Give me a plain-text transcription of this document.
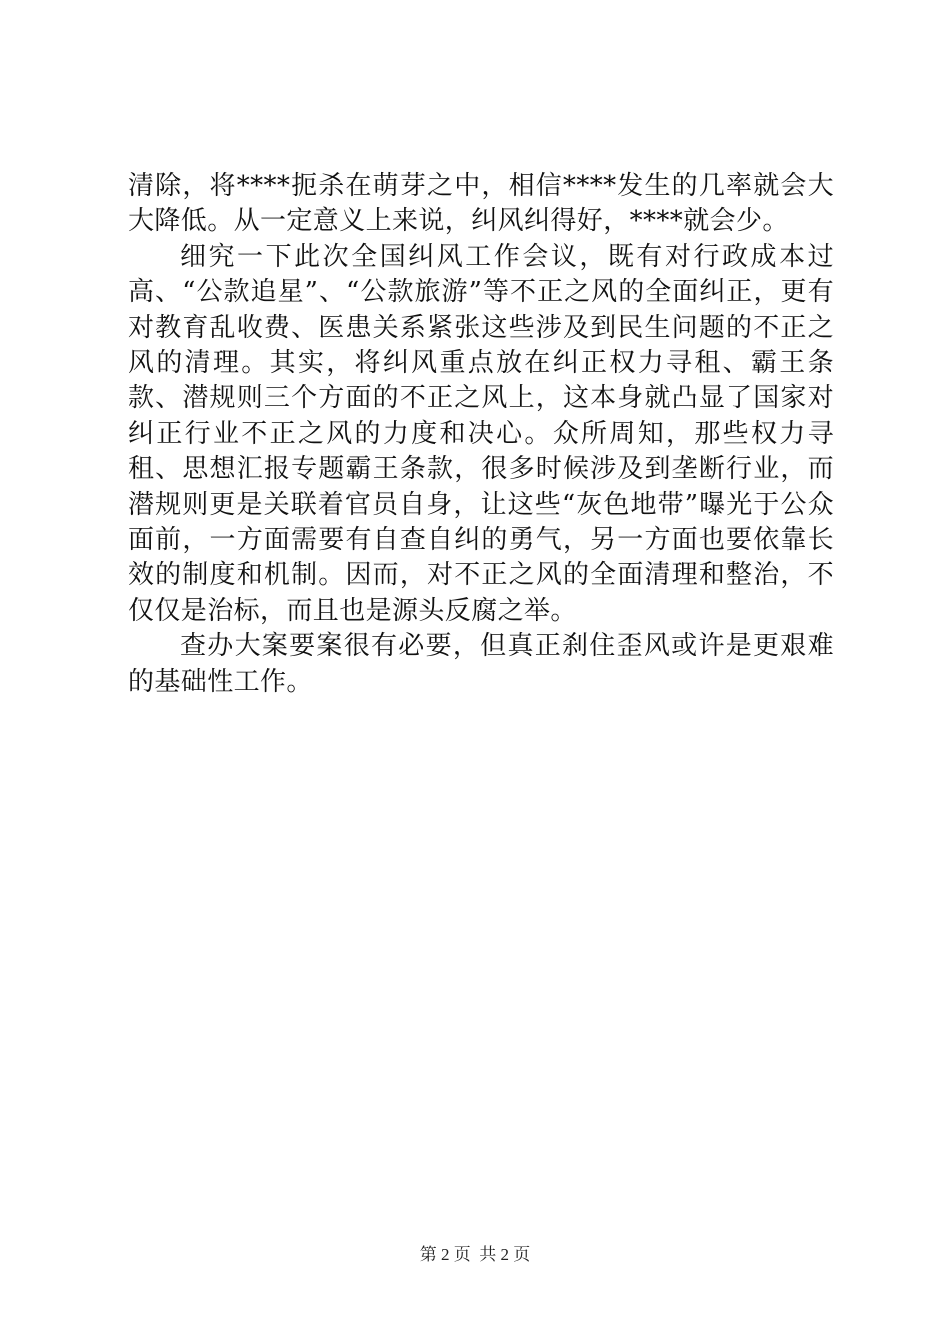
清除，将****扼杀在萌芽之中，相信****发生的几率就会大大降低。从一定意义上来说，纠风纠得好，****就会少。

细究一下此次全国纠风工作会议，既有对行政成本过高、“公款追星”、“公款旅游”等不正之风的全面纠正，更有对教育乱收费、医患关系紧张这些涉及到民生问题的不正之风的清理。其实，将纠风重点放在纠正权力寻租、霸王条款、潜规则三个方面的不正之风上，这本身就凸显了国家对纠正行业不正之风的力度和决心。众所周知，那些权力寻租、思想汇报专题霸王条款，很多时候涉及到垄断行业，而潜规则更是关联着官员自身，让这些“灰色地带”曝光于公众面前，一方面需要有自查自纠的勇气，另一方面也要依靠长效的制度和机制。因而，对不正之风的全面清理和整治，不仅仅是治标，而且也是源头反腐之举。

查办大案要案很有必要，但真正刹住歪风或许是更艰难的基础性工作。

第 2 页  共 2 页
